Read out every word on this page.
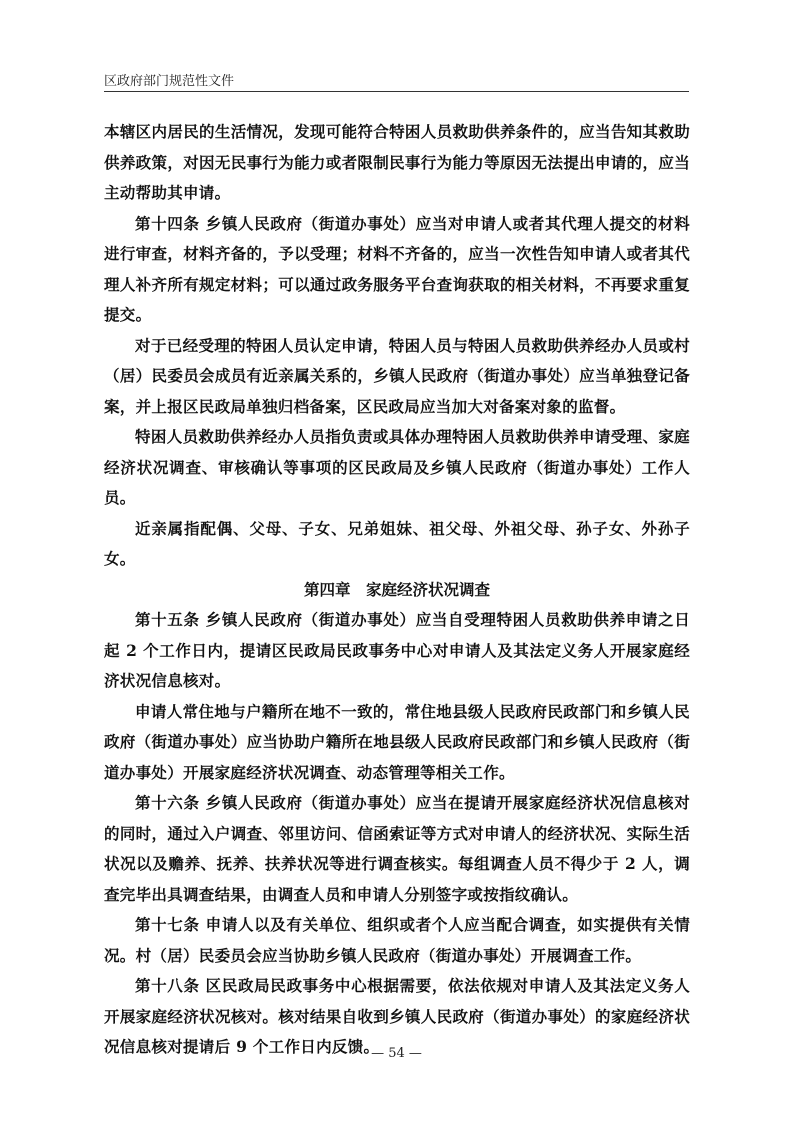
区政府部门规范性文件

本辖区内居民的生活情况，发现可能符合特困人员救助供养条件的，应当告知其救助供养政策，对因无民事行为能力或者限制民事行为能力等原因无法提出申请的，应当主动帮助其申请。

第十四条 乡镇人民政府（街道办事处）应当对申请人或者其代理人提交的材料进行审查，材料齐备的，予以受理；材料不齐备的，应当一次性告知申请人或者其代理人补齐所有规定材料；可以通过政务服务平台查询获取的相关材料，不再要求重复提交。

对于已经受理的特困人员认定申请，特困人员与特困人员救助供养经办人员或村（居）民委员会成员有近亲属关系的，乡镇人民政府（街道办事处）应当单独登记备案，并上报区民政局单独归档备案，区民政局应当加大对备案对象的监督。

特困人员救助供养经办人员指负责或具体办理特困人员救助供养申请受理、家庭经济状况调查、审核确认等事项的区民政局及乡镇人民政府（街道办事处）工作人员。

近亲属指配偶、父母、子女、兄弟姐妹、祖父母、外祖父母、孙子女、外孙子女。

第四章　家庭经济状况调查

第十五条 乡镇人民政府（街道办事处）应当自受理特困人员救助供养申请之日起 2 个工作日内，提请区民政局民政事务中心对申请人及其法定义务人开展家庭经济状况信息核对。

申请人常住地与户籍所在地不一致的，常住地县级人民政府民政部门和乡镇人民政府（街道办事处）应当协助户籍所在地县级人民政府民政部门和乡镇人民政府（街道办事处）开展家庭经济状况调查、动态管理等相关工作。

第十六条 乡镇人民政府（街道办事处）应当在提请开展家庭经济状况信息核对的同时，通过入户调查、邻里访问、信函索证等方式对申请人的经济状况、实际生活状况以及赡养、抚养、扶养状况等进行调查核实。每组调查人员不得少于 2 人，调查完毕出具调查结果，由调查人员和申请人分别签字或按指纹确认。

第十七条 申请人以及有关单位、组织或者个人应当配合调查，如实提供有关情况。村（居）民委员会应当协助乡镇人民政府（街道办事处）开展调查工作。

第十八条 区民政局民政事务中心根据需要，依法依规对申请人及其法定义务人开展家庭经济状况核对。核对结果自收到乡镇人民政府（街道办事处）的家庭经济状况信息核对提请后 9 个工作日内反馈。

— 54 —
